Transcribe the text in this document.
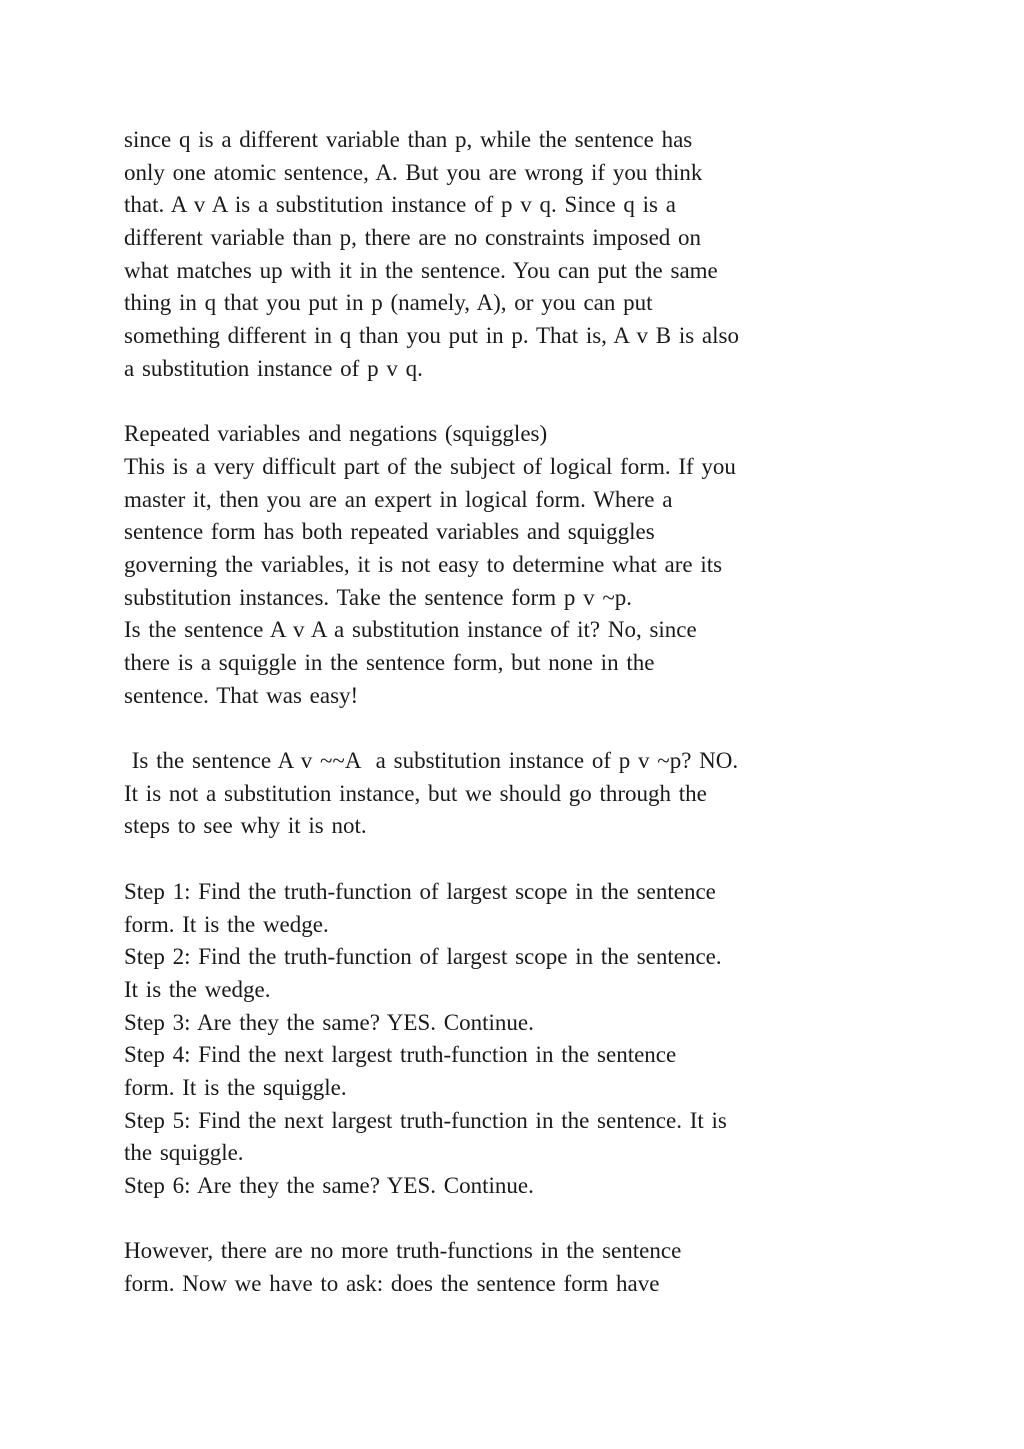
since q is a different variable than p, while the sentence has
only one atomic sentence, A. But you are wrong if you think
that. A v A is a substitution instance of p v q. Since q is a
different variable than p, there are no constraints imposed on
what matches up with it in the sentence. You can put the same
thing in q that you put in p (namely, A), or you can put
something different in q than you put in p. That is, A v B is also
a substitution instance of p v q.
Repeated variables and negations (squiggles)
This is a very difficult part of the subject of logical form. If you
master it, then you are an expert in logical form. Where a
sentence form has both repeated variables and squiggles
governing the variables, it is not easy to determine what are its
substitution instances. Take the sentence form p v ~p.
Is the sentence A v A a substitution instance of it? No, since
there is a squiggle in the sentence form, but none in the
sentence. That was easy!
Is the sentence A v ~~A  a substitution instance of p v ~p? NO.
It is not a substitution instance, but we should go through the
steps to see why it is not.
Step 1: Find the truth-function of largest scope in the sentence
form. It is the wedge.
Step 2: Find the truth-function of largest scope in the sentence.
It is the wedge.
Step 3: Are they the same? YES. Continue.
Step 4: Find the next largest truth-function in the sentence
form. It is the squiggle.
Step 5: Find the next largest truth-function in the sentence. It is
the squiggle.
Step 6: Are they the same? YES. Continue.
However, there are no more truth-functions in the sentence
form. Now we have to ask: does the sentence form have
